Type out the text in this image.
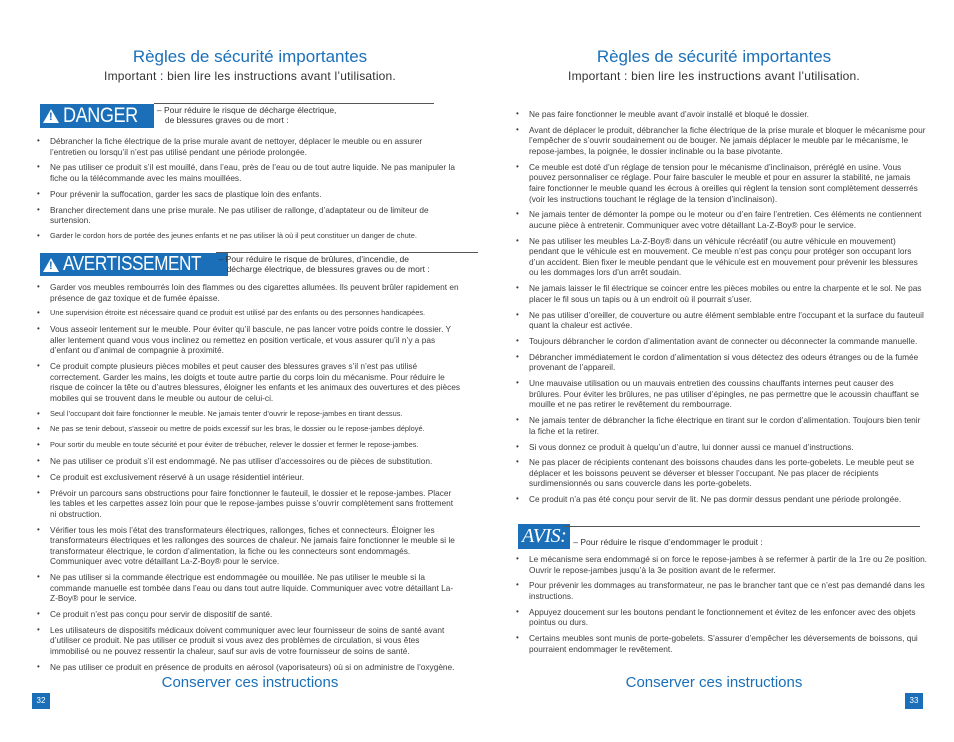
Règles de sécurité importantes
Important : bien lire les instructions avant l’utilisation.
! DANGER – Pour réduire le risque de décharge électrique,
de blessures graves ou de mort :
• Débrancher la fiche électrique de la prise murale avant de nettoyer, déplacer le meuble ou en assurer l’entretien ou lorsqu’il n’est pas utilisé pendant une période prolongée.
• Ne pas utiliser ce produit s’il est mouillé, dans l’eau, près de l’eau ou de tout autre liquide. Ne pas manipuler la fiche ou la télécommande avec les mains mouillées.
• Pour prévenir la suffocation, garder les sacs de plastique loin des enfants.
• Brancher directement dans une prise murale. Ne pas utiliser de rallonge, d’adaptateur ou de limiteur de surtension.
• Garder le cordon hors de portée des jeunes enfants et ne pas utiliser là où il peut constituer un danger de chute.
! AVERTISSEMENT – Pour réduire le risque de brûlures, d’incendie, de
décharge électrique, de blessures graves ou de mort :
• Garder vos meubles rembourrés loin des flammes ou des cigarettes allumées. Ils peuvent brûler rapidement en présence de gaz toxique et de fumée épaisse.
• Une supervision étroite est nécessaire quand ce produit est utilisé par des enfants ou des personnes handicapées.
• Vous asseoir lentement sur le meuble. Pour éviter qu’il bascule, ne pas lancer votre poids contre le dossier. Y aller lentement quand vous vous inclinez ou remettez en position verticale, et vous assurer qu’il n’y a pas d’enfant ou d’animal de compagnie à proximité.
• Ce produit compte plusieurs pièces mobiles et peut causer des blessures graves s’il n’est pas utilisé correctement. Garder les mains, les doigts et toute autre partie du corps loin du mécanisme. Pour réduire le risque de coincer la tête ou d’autres blessures, éloigner les enfants et les animaux des ouvertures et des pièces mobiles qui se trouvent dans le meuble ou autour de celui-ci.
• Seul l’occupant doit faire fonctionner le meuble. Ne jamais tenter d’ouvrir le repose-jambes en tirant dessus.
• Ne pas se tenir debout, s’asseoir ou mettre de poids excessif sur les bras, le dossier ou le repose-jambes déployé.
• Pour sortir du meuble en toute sécurité et pour éviter de trébucher, relever le dossier et fermer le repose-jambes.
• Ne pas utiliser ce produit s’il est endommagé. Ne pas utiliser d’accessoires ou de pièces de substitution.
• Ce produit est exclusivement réservé à un usage résidentiel intérieur.
• Prévoir un parcours sans obstructions pour faire fonctionner le fauteuil, le dossier et le repose-jambes. Placer les tables et les carpettes assez loin pour que le repose-jambes puisse s’ouvrir complètement sans frottement ni obstruction.
• Vérifier tous les mois l’état des transformateurs électriques, rallonges, fiches et connecteurs. Éloigner les transformateurs électriques et les rallonges des sources de chaleur. Ne jamais faire fonctionner le meuble si le transformateur électrique, le cordon d’alimentation, la fiche ou les connecteurs sont endommagés. Communiquer avec votre détaillant La-Z-Boy® pour le service.
• Ne pas utiliser si la commande électrique est endommagée ou mouillée. Ne pas utiliser le meuble si la commande manuelle est tombée dans l’eau ou dans tout autre liquide. Communiquer avec votre détaillant La-Z-Boy® pour le service.
• Ce produit n’est pas conçu pour servir de dispositif de santé.
• Les utilisateurs de dispositifs médicaux doivent communiquer avec leur fournisseur de soins de santé avant d’utiliser ce produit. Ne pas utiliser ce produit si vous avez des problèmes de circulation, si vous êtes immobilisé ou ne pouvez ressentir la chaleur, sauf sur avis de votre fournisseur de soins de santé.
• Ne pas utiliser ce produit en présence de produits en aérosol (vaporisateurs) où si on administre de l’oxygène.
Conserver ces instructions
32
Règles de sécurité importantes
Important : bien lire les instructions avant l’utilisation.
• Ne pas faire fonctionner le meuble avant d’avoir installé et bloqué le dossier.
• Avant de déplacer le produit, débrancher la fiche électrique de la prise murale et bloquer le mécanisme pour l’empêcher de s’ouvrir soudainement ou de bouger. Ne jamais déplacer le meuble par le mécanisme, le repose-jambes, la poignée, le dossier inclinable ou la base pivotante.
• Ce meuble est doté d’un réglage de tension pour le mécanisme d’inclinaison, préréglé en usine. Vous pouvez personnaliser ce réglage. Pour faire basculer le meuble et pour en assurer la stabilité, ne jamais faire fonctionner le meuble quand les écrous à oreilles qui règlent la tension sont complètement desserrés (voir les instructions touchant le réglage de la tension d’inclinaison).
• Ne jamais tenter de démonter la pompe ou le moteur ou d’en faire l’entretien. Ces éléments ne contiennent aucune pièce à entretenir. Communiquer avec votre détaillant La-Z-Boy® pour le service.
• Ne pas utiliser les meubles La-Z-Boy® dans un véhicule récréatif (ou autre véhicule en mouvement) pendant que le véhicule est en mouvement. Ce meuble n’est pas conçu pour protéger son occupant lors d’un accident. Bien fixer le meuble pendant que le véhicule est en mouvement pour prévenir les blessures ou les dommages lors d’un arrêt soudain.
• Ne jamais laisser le fil électrique se coincer entre les pièces mobiles ou entre la charpente et le sol. Ne pas placer le fil sous un tapis ou à un endroit où il pourrait s’user.
• Ne pas utiliser d’oreiller, de couverture ou autre élément semblable entre l’occupant et la surface du fauteuil quant la chaleur est activée.
• Toujours débrancher le cordon d’alimentation avant de connecter ou déconnecter la commande manuelle.
• Débrancher immédiatement le cordon d’alimentation si vous détectez des odeurs étranges ou de la fumée provenant de l’appareil.
• Une mauvaise utilisation ou un mauvais entretien des coussins chauffants internes peut causer des brûlures. Pour éviter les brûlures, ne pas utiliser d’épingles, ne pas permettre que le acoussin chauffant se mouille et ne pas retirer le revêtement du rembourrage.
• Ne jamais tenter de débrancher la fiche électrique en tirant sur le cordon d’alimentation. Toujours bien tenir la fiche et la retirer.
• Si vous donnez ce produit à quelqu’un d’autre, lui donner aussi ce manuel d’instructions.
• Ne pas placer de récipients contenant des boissons chaudes dans les porte-gobelets. Le meuble peut se déplacer et les boissons peuvent se déverser et blesser l’occupant. Ne pas placer de récipients surdimensionnés ou sans couvercle dans les porte-gobelets.
• Ce produit n’a pas été conçu pour servir de lit. Ne pas dormir dessus pendant une période prolongée.
AVIS: – Pour réduire le risque d’endommager le produit :
• Le mécanisme sera endommagé si on force le repose-jambes à se refermer à partir de la 1re ou 2e position. Ouvrir le repose-jambes jusqu’à la 3e position avant de le refermer.
• Pour prévenir les dommages au transformateur, ne pas le brancher tant que ce n’est pas demandé dans les instructions.
• Appuyez doucement sur les boutons pendant le fonctionnement et évitez de les enfoncer avec des objets pointus ou durs.
• Certains meubles sont munis de porte-gobelets. S’assurer d’empêcher les déversements de boissons, qui pourraient endommager le revêtement.
Conserver ces instructions
33
